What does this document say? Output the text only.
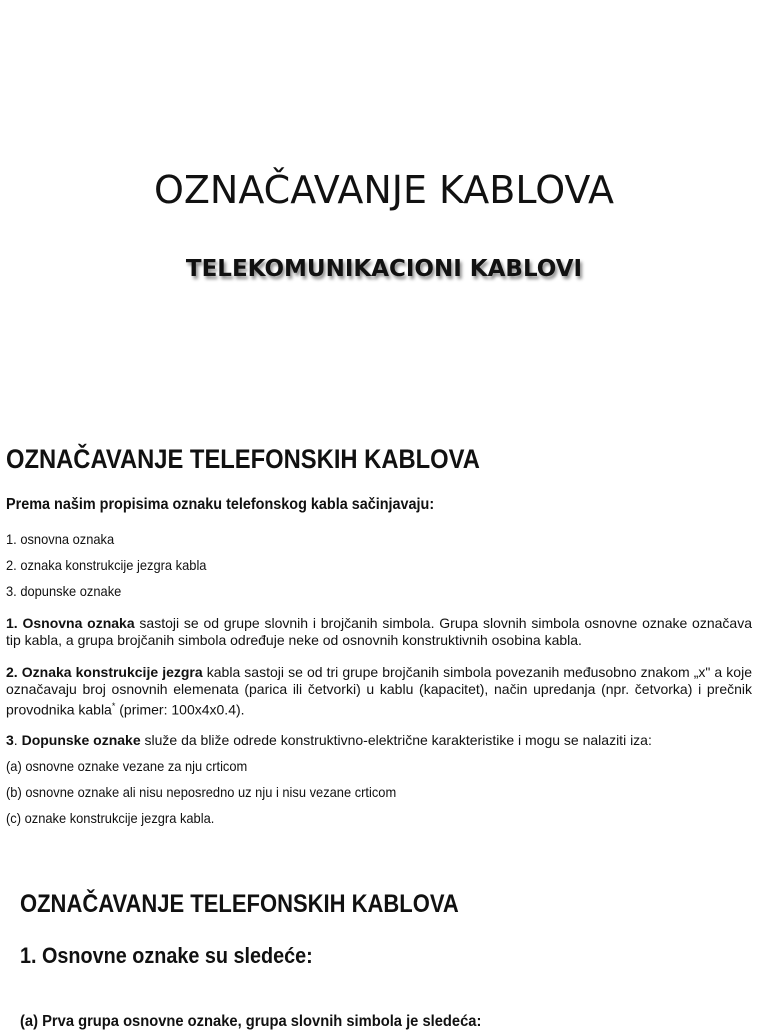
OZNAČAVANJE KABLOVA
TELEKOMUNIKACIONI KABLOVI
OZNAČAVANJE TELEFONSKIH KABLOVA
Prema našim propisima oznaku telefonskog kabla sačinjavaju:
1. osnovna oznaka
2. oznaka konstrukcije jezgra kabla
3. dopunske oznake
1. Osnovna oznaka sastoji se od grupe slovnih i brojčanih simbola. Grupa slovnih simbola osnovne oznake označava tip kabla, a grupa brojčanih simbola određuje neke od osnovnih konstruktivnih osobina kabla.
2. Oznaka konstrukcije jezgra kabla sastoji se od tri grupe brojčanih simbola povezanih međusobno znakom „x" a koje označavaju broj osnovnih elemenata (parica ili četvorki) u kablu (kapacitet), način upredanja (npr. četvorka) i prečnik provodnika kabla* (primer: 100x4x0.4).
3. Dopunske oznake služe da bliže odrede konstruktivno-električne karakteristike i mogu se nalaziti iza:
(a) osnovne oznake vezane za nju crticom
(b) osnovne oznake ali nisu neposredno uz nju i nisu vezane crticom
(c) oznake konstrukcije jezgra kabla.
OZNAČAVANJE TELEFONSKIH KABLOVA
1. Osnovne oznake su sledeće:
(a) Prva grupa osnovne oznake, grupa slovnih simbola je sledeća:
